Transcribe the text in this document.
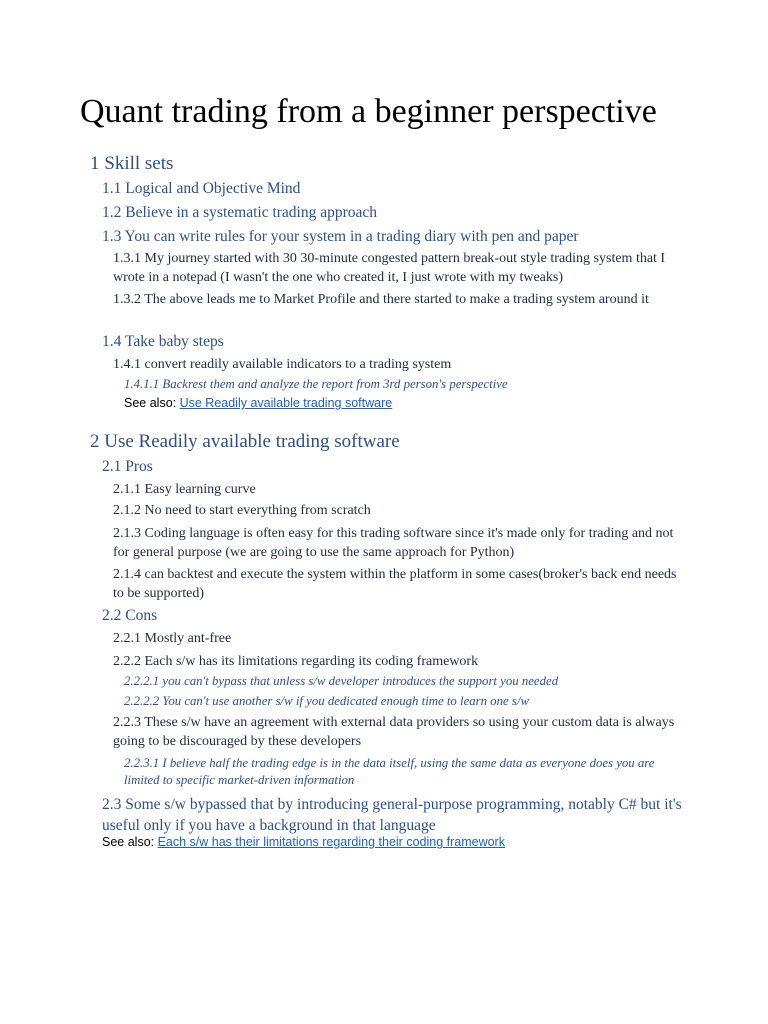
Quant trading from a beginner perspective
1 Skill sets
1.1 Logical and Objective Mind
1.2 Believe in a systematic trading approach
1.3 You can write rules for your system in a trading diary with pen and paper
1.3.1 My journey started with 30 30-minute congested pattern break-out style trading system that I wrote in a notepad (I wasn't the one who created it, I just wrote with my tweaks)
1.3.2 The above leads me to Market Profile and there started to make a trading system around it
1.4 Take baby steps
1.4.1 convert readily available indicators to a trading system
1.4.1.1 Backrest them and analyze the report from 3rd person's perspective
See also: Use Readily available trading software
2 Use Readily available trading software
2.1 Pros
2.1.1 Easy learning curve
2.1.2 No need to start everything from scratch
2.1.3 Coding language is often easy for this trading software since it's made only for trading and not for general purpose (we are going to use the same approach for Python)
2.1.4 can backtest and execute the system within the platform in some cases(broker's back end needs to be supported)
2.2 Cons
2.2.1 Mostly ant-free
2.2.2 Each s/w has its limitations regarding its coding framework
2.2.2.1 you can't bypass that unless s/w developer introduces the support you needed
2.2.2.2 You can't use another s/w if you dedicated enough time to learn one s/w
2.2.3 These s/w have an agreement with external data providers so using your custom data is always going to be discouraged by these developers
2.2.3.1 I believe half the trading edge is in the data itself, using the same data as everyone does you are limited to specific market-driven information
2.3 Some s/w bypassed that by introducing general-purpose programming, notably C# but it's useful only if you have a background in that language
See also: Each s/w has their limitations regarding their coding framework
